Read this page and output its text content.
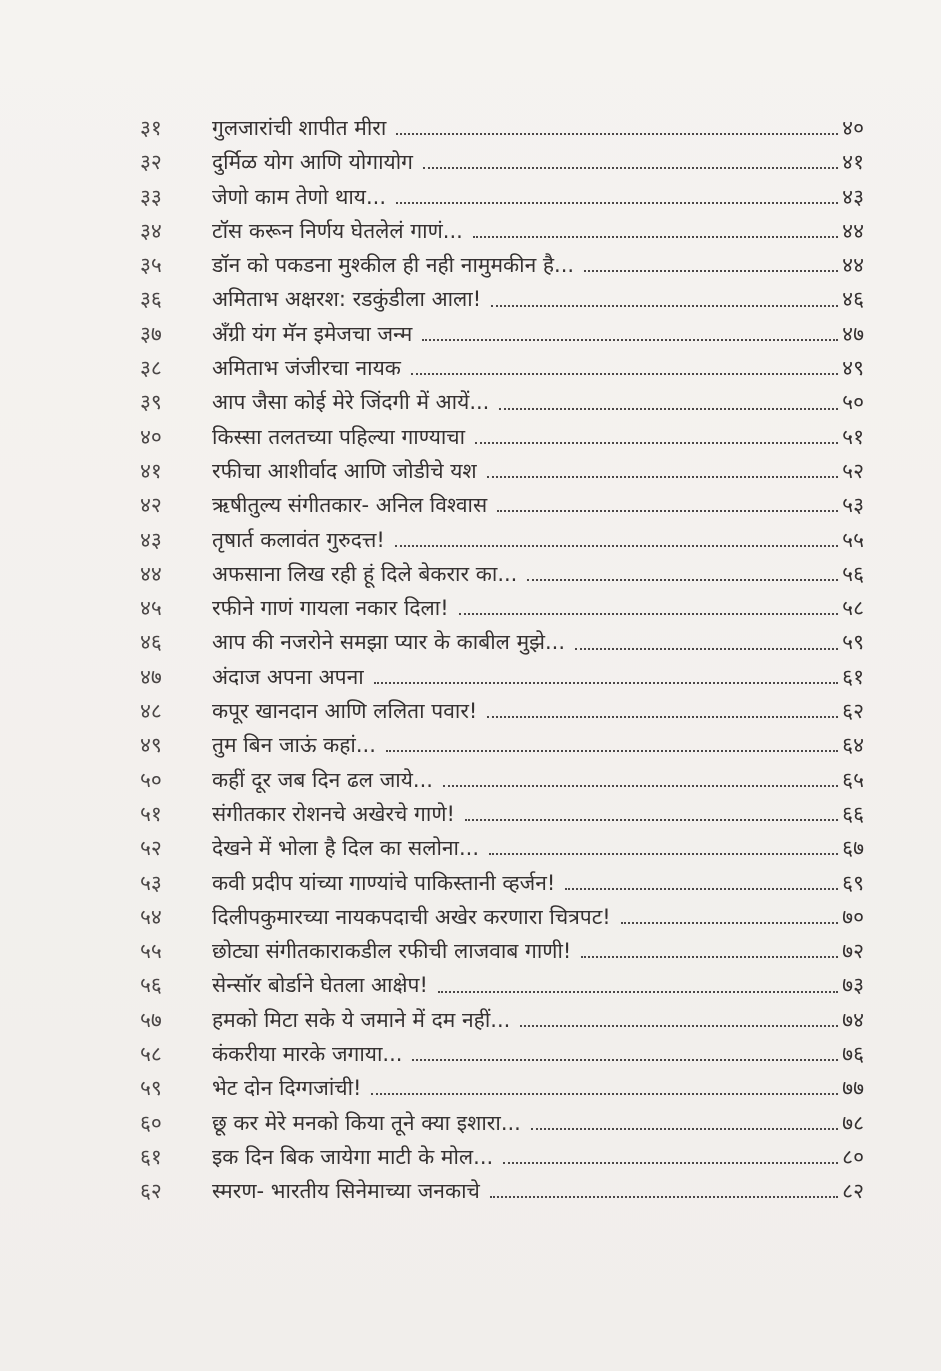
३१	गुलजारांची शापीत मीरा	४०
३२	दुर्मिळ योग आणि योगायोग	४१
३३	जेणो काम तेणो थाय...	४३
३४	टॉस करून निर्णय घेतलेलं गाणं...	४४
३५	डॉन को पकडना मुश्कील ही नही नामुमकीन है...	४४
३६	अमिताभ अक्षरश: रडकुंडीला आला!	४६
३७	अँग्री यंग मॅन इमेजचा जन्म	४७
३८	अमिताभ जंजीरचा नायक	४९
३९	आप जैसा कोई मेरे जिंदगी में आयें...	५०
४०	किस्सा तलतच्या पहिल्या गाण्याचा	५१
४१	रफीचा आशीर्वाद आणि जोडीचे यश	५२
४२	ऋषीतुल्य संगीतकार- अनिल विश्वास	५३
४३	तृषार्त कलावंत गुरुदत्त!	५५
४४	अफसाना लिख रही हूं दिले बेकरार का...	५६
४५	रफीने गाणं गायला नकार दिला!	५८
४६	आप की नजरोने समझा प्यार के काबील मुझे...	५९
४७	अंदाज अपना अपना	६१
४८	कपूर खानदान आणि ललिता पवार!	६२
४९	तुम बिन जाऊं कहां...	६४
५०	कहीं दूर जब दिन ढल जाये...	६५
५१	संगीतकार रोशनचे अखेरचे गाणे!	६६
५२	देखने में भोला है दिल का सलोना...	६७
५३	कवी प्रदीप यांच्या गाण्यांचे पाकिस्तानी व्हर्जन!	६९
५४	दिलीपकुमारच्या नायकपदाची अखेर करणारा चित्रपट!	७०
५५	छोट्या संगीतकाराकडील रफीची लाजवाब गाणी!	७२
५६	सेन्सॉर बोर्डाने घेतला आक्षेप!	७३
५७	हमको मिटा सके ये जमाने में दम नहीं...	७४
५८	कंकरीया मारके जगाया...	७६
५९	भेट दोन दिग्गजांची!	७७
६०	छू कर मेरे मनको किया तूने क्या इशारा...	७८
६१	इक दिन बिक जायेगा माटी के मोल...	८०
६२	स्मरण- भारतीय सिनेमाच्या जनकाचे	८२
